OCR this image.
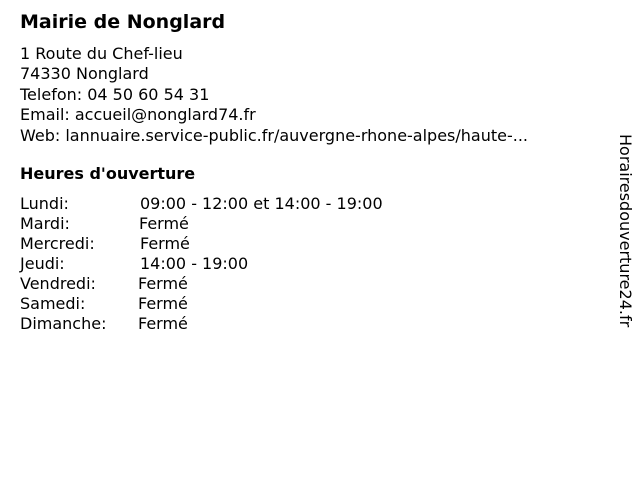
Mairie de Nonglard
1 Route du Chef-lieu
74330 Nonglard
Telefon: 04 50 60 54 31
Email: accueil@nonglard74.fr
Web: lannuaire.service-public.fr/auvergne-rhone-alpes/haute-...
Heures d'ouverture
Lundi:	09:00 - 12:00 et 14:00 - 19:00
Mardi:	Fermé
Mercredi:	Fermé
Jeudi:	14:00 - 19:00
Vendredi:	Fermé
Samedi:	Fermé
Dimanche: Fermé	Horairesdouverture24.fr
